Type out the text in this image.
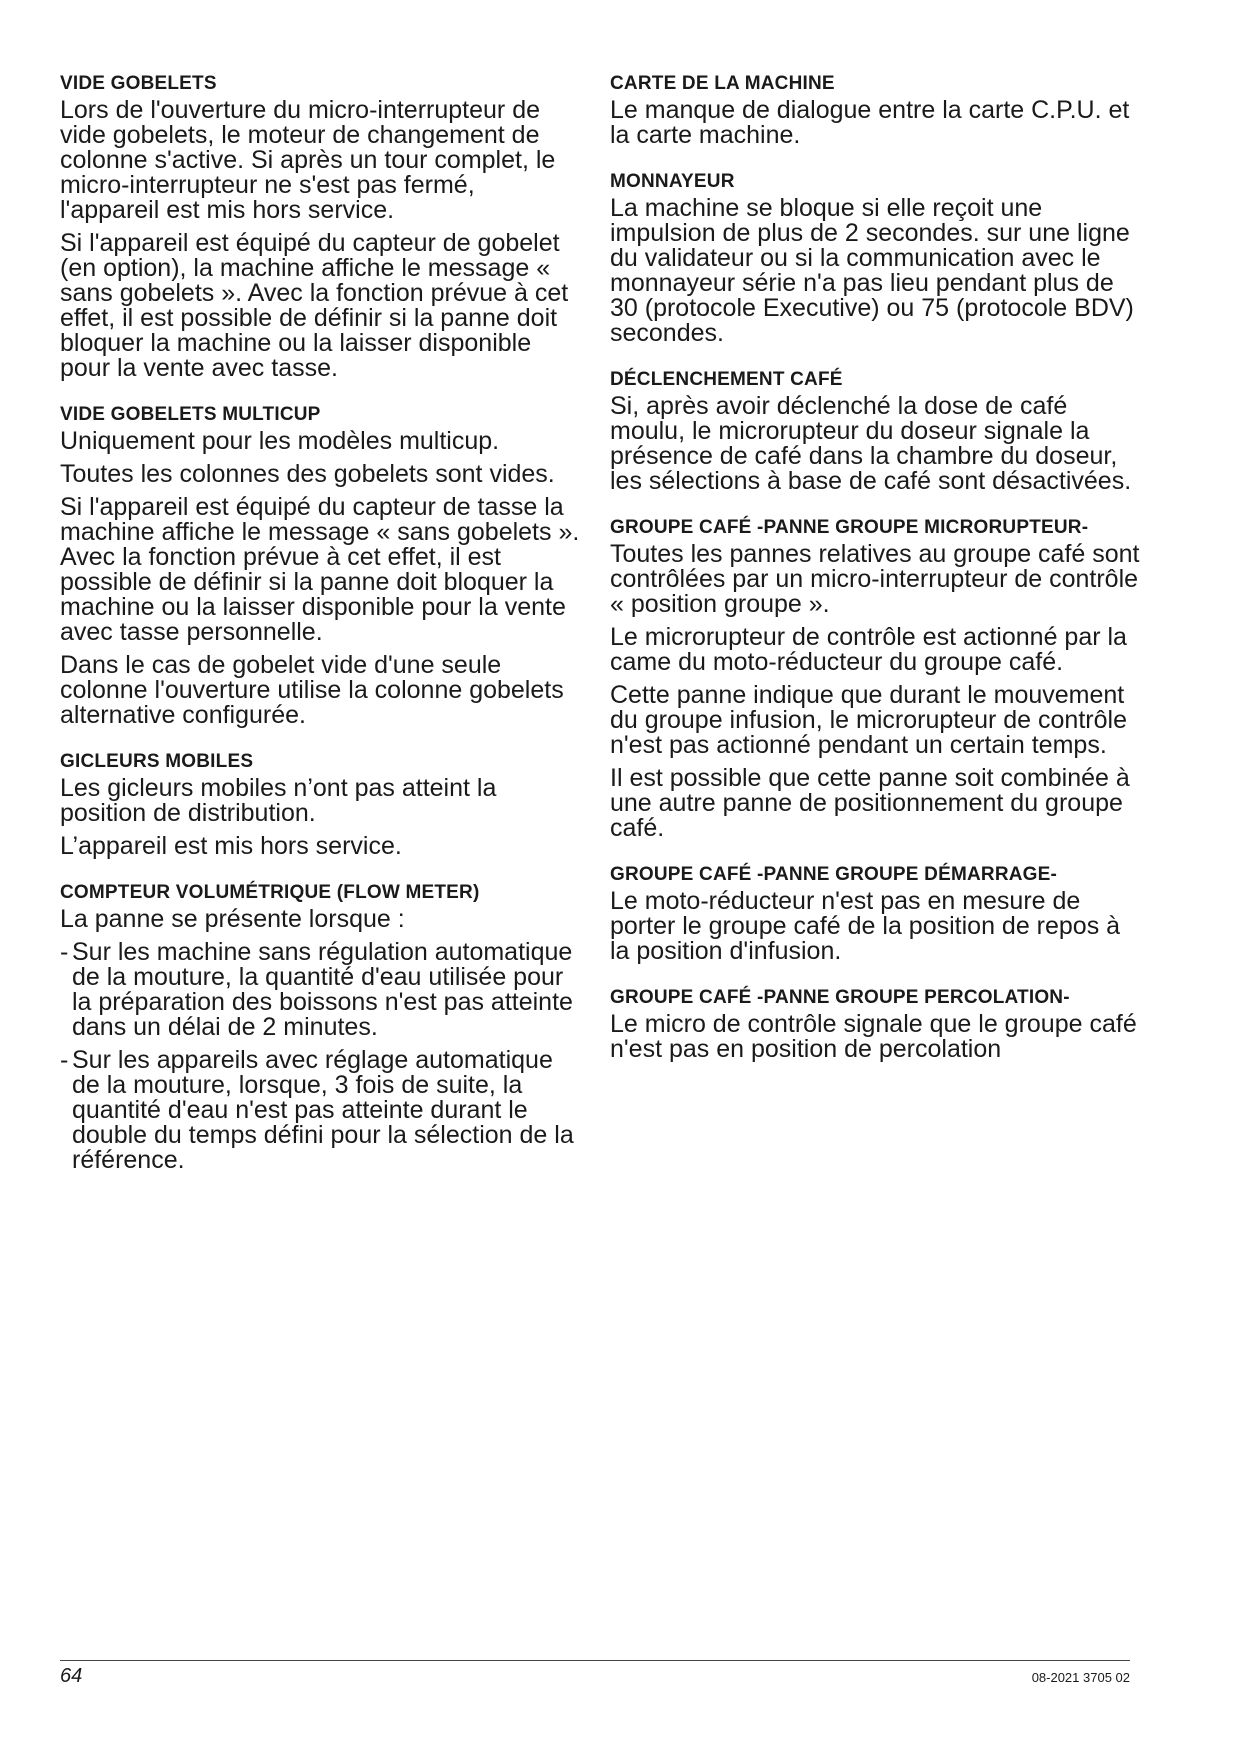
VIDE GOBELETS
Lors de l'ouverture du micro-interrupteur de vide gobelets, le moteur de changement de colonne s'active. Si après un tour complet, le micro-interrupteur ne s'est pas fermé, l'appareil est mis hors service.
Si l'appareil est équipé du capteur de gobelet (en option), la machine affiche le message « sans gobelets ». Avec la fonction prévue à cet effet, il est possible de définir si la panne doit bloquer la machine ou la laisser disponible pour la vente avec tasse.
VIDE GOBELETS MULTICUP
Uniquement pour les modèles multicup.
Toutes les colonnes des gobelets sont vides.
Si l'appareil est équipé du capteur de tasse la machine affiche le message « sans gobelets ». Avec la fonction prévue à cet effet, il est possible de définir si la panne doit bloquer la machine ou la laisser disponible pour la vente avec tasse personnelle.
Dans le cas de gobelet vide d'une seule colonne l'ouverture utilise la colonne gobelets alternative configurée.
GICLEURS MOBILES
Les gicleurs mobiles n’ont pas atteint la position de distribution.
L’appareil est mis hors service.
COMPTEUR VOLUMÉTRIQUE (FLOW METER)
La panne se présente lorsque :
- Sur les machine sans régulation automatique de la mouture, la quantité d'eau utilisée pour la préparation des boissons n'est pas atteinte dans un délai de 2 minutes.
- Sur les appareils avec réglage automatique de la mouture, lorsque, 3 fois de suite, la quantité d'eau n'est pas atteinte durant le double du temps défini pour la sélection de la référence.
CARTE DE LA MACHINE
Le manque de dialogue entre la carte C.P.U. et la carte machine.
MONNAYEUR
La machine se bloque si elle reçoit une impulsion de plus de 2 secondes. sur une ligne du validateur ou si la communication avec le monnayeur série n'a pas lieu pendant plus de 30 (protocole Executive) ou 75 (protocole BDV) secondes.
DÉCLENCHEMENT CAFÉ
Si, après avoir déclenché la dose de café moulu, le microrupteur du doseur signale la présence de café dans la chambre du doseur, les sélections à base de café sont désactivées.
GROUPE CAFÉ -PANNE GROUPE MICRORUPTEUR-
Toutes les pannes relatives au groupe café sont contrôlées par un micro-interrupteur de contrôle « position groupe ».
Le microrupteur de contrôle est actionné par la came du moto-réducteur du groupe café.
Cette panne indique que durant le mouvement du groupe infusion, le microrupteur de contrôle n'est pas actionné pendant un certain temps.
Il est possible que cette panne soit combinée à une autre panne de positionnement du groupe café.
GROUPE CAFÉ -PANNE GROUPE DÉMARRAGE-
Le moto-réducteur n'est pas en mesure de porter le groupe café de la position de repos à la position d'infusion.
GROUPE CAFÉ -PANNE GROUPE PERCOLATION-
Le micro de contrôle signale que le groupe café n'est pas en position de percolation
64	08-2021 3705 02
